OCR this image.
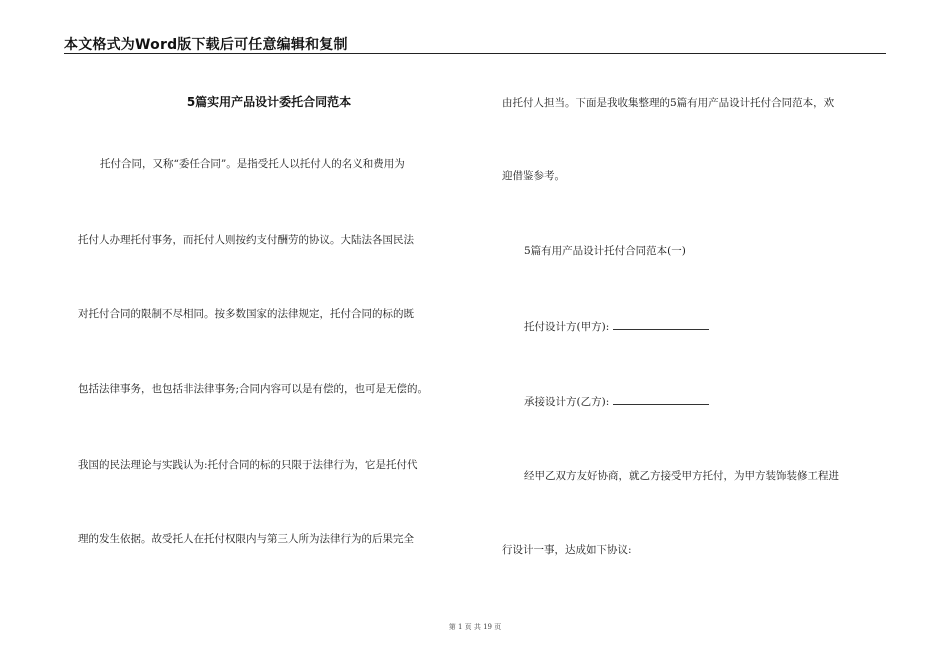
本文格式为Word版下载后可任意编辑和复制
5篇实用产品设计委托合同范本
托付合同，又称“委任合同”。是指受托人以托付人的名义和费用为
托付人办理托付事务，而托付人则按约支付酬劳的协议。大陆法各国民法
对托付合同的限制不尽相同。按多数国家的法律规定，托付合同的标的既
包括法律事务，也包括非法律事务;合同内容可以是有偿的，也可是无偿的。
我国的民法理论与实践认为:托付合同的标的只限于法律行为，它是托付代
理的发生依据。故受托人在托付权限内与第三人所为法律行为的后果完全
由托付人担当。下面是我收集整理的5篇有用产品设计托付合同范本，欢
迎借鉴参考。
5篇有用产品设计托付合同范本(一)
托付设计方(甲方):
承接设计方(乙方):
经甲乙双方友好协商，就乙方接受甲方托付，为甲方装饰装修工程进
行设计一事，达成如下协议:
第 1 页 共 19 页
